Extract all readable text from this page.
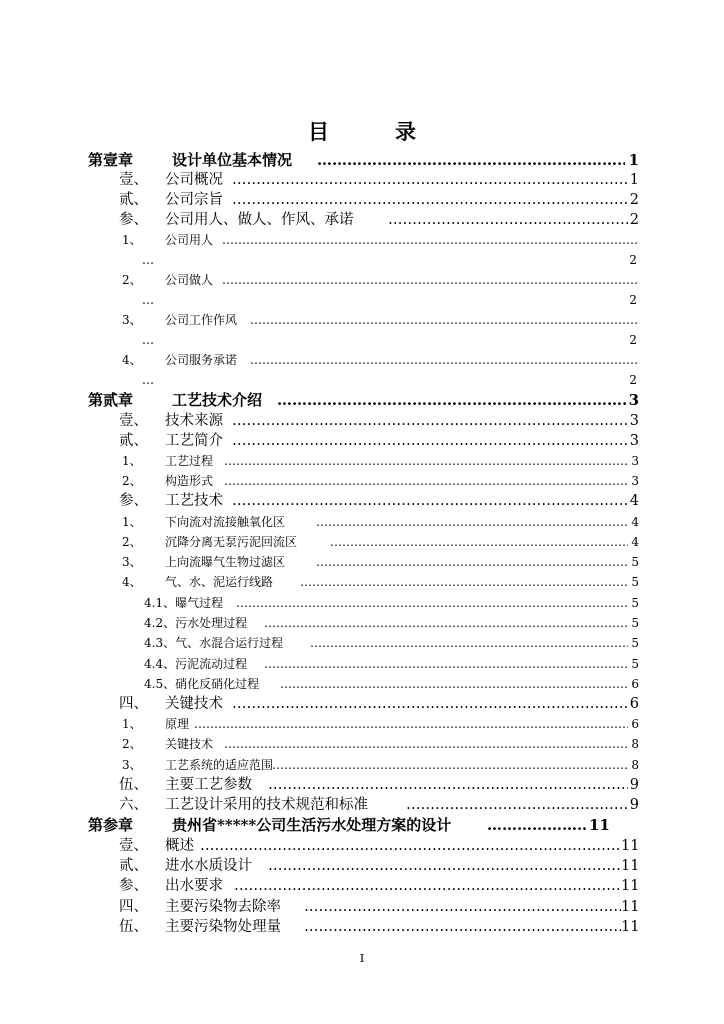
目	录
第壹章	设计单位基本情况 …………………………………………………………………………………………………………………………………………………………………………	1
壹、 公司概况 …………………………………………………………………………………………………………………………………………………………………………	1
贰、 公司宗旨 …………………………………………………………………………………………………………………………………………………………………………	2
参、 公司用人、做人、作风、承诺 …………………………………………………………………………………………………………………………………………………………………………	2
1、 公司用人
…………………………………………………………………………………………………………………………………………………………………………
…	2
2、 公司做人
…………………………………………………………………………………………………………………………………………………………………………
…	2
3、 公司工作作风
…………………………………………………………………………………………………………………………………………………………………………
…	2
4、 公司服务承诺
…………………………………………………………………………………………………………………………………………………………………………
…	2
第贰章	工艺技术介绍 …………………………………………………………………………………………………………………………………………………………………………	3
壹、 技术来源 …………………………………………………………………………………………………………………………………………………………………………	3
贰、 工艺简介 …………………………………………………………………………………………………………………………………………………………………………	3
1、 工艺过程 …………………………………………………………………………………………………………………………………………………………………………	3
2、 构造形式 …………………………………………………………………………………………………………………………………………………………………………	3
参、 工艺技术 …………………………………………………………………………………………………………………………………………………………………………	4
1、 下向流对流接触氧化区 …………………………………………………………………………………………………………………………………………………………………………	4
2、 沉降分离无泵污泥回流区 …………………………………………………………………………………………………………………………………………………………………………	4
3、 上向流曝气生物过滤区 …………………………………………………………………………………………………………………………………………………………………………	5
4、 气、水、泥运行线路 …………………………………………………………………………………………………………………………………………………………………………	5
4.1、曝气过程 …………………………………………………………………………………………………………………………………………………………………………	5
4.2、污水处理过程 …………………………………………………………………………………………………………………………………………………………………………	5
4.3、气、水混合运行过程 …………………………………………………………………………………………………………………………………………………………………………	5
4.4、污泥流动过程 …………………………………………………………………………………………………………………………………………………………………………	5
4.5、硝化反硝化过程 …………………………………………………………………………………………………………………………………………………………………………	6
四、 关键技术 …………………………………………………………………………………………………………………………………………………………………………	6
1、 原理 …………………………………………………………………………………………………………………………………………………………………………	6
2、 关键技术 …………………………………………………………………………………………………………………………………………………………………………	8
3、 工艺系统的适应范围 …………………………………………………………………………………………………………………………………………………………………………	8
伍、 主要工艺参数 …………………………………………………………………………………………………………………………………………………………………………	9
六、 工艺设计采用的技术规范和标准 …………………………………………………………………………………………………………………………………………………………………………	9
第参章	贵州省*****公司生活污水处理方案的设计 …………………………………………………………………………………………………………………………………………………………………………	11
壹、 概述 …………………………………………………………………………………………………………………………………………………………………………	11
贰、 进水水质设计 …………………………………………………………………………………………………………………………………………………………………………	11
参、 出水要求 …………………………………………………………………………………………………………………………………………………………………………	11
四、 主要污染物去除率 …………………………………………………………………………………………………………………………………………………………………………	11
伍、 主要污染物处理量 …………………………………………………………………………………………………………………………………………………………………………	11
I
